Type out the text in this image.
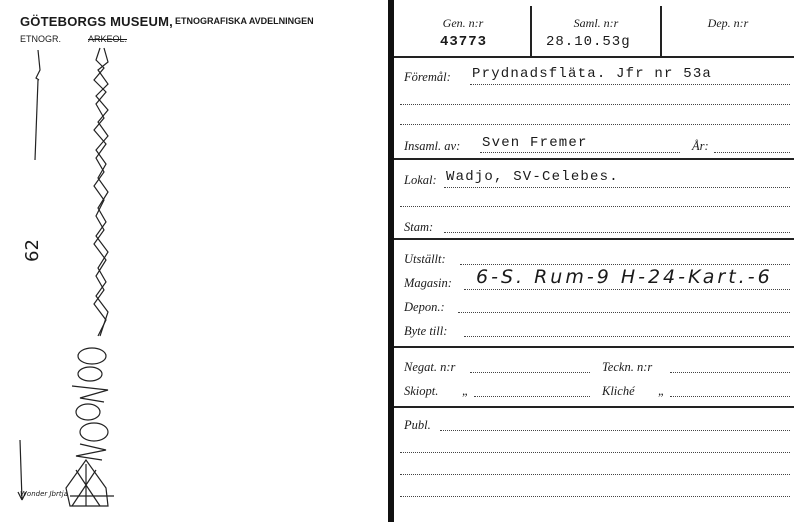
GÖTEBORGS MUSEUM, ETNOGRAFISKA AVDELNINGEN
ETNOGR.	ARKEOL.
62
Wonder Jbrtja
Gen. n:r
43773
Saml. n:r
28.10.53g
Dep. n:r
Föremål: Prydnadsfläta. Jfr nr 53a
Insaml. av: Sven Fremer	År:
Lokal: Wadjo, SV-Celebes.
Stam:
Utställt:
Magasin: 6-S. Rum-9 H-24-Kart.-6
Depon.:
Byte till:
Negat. n:r	Teckn. n:r
Skiopt. „	Kliché „
Publ.
